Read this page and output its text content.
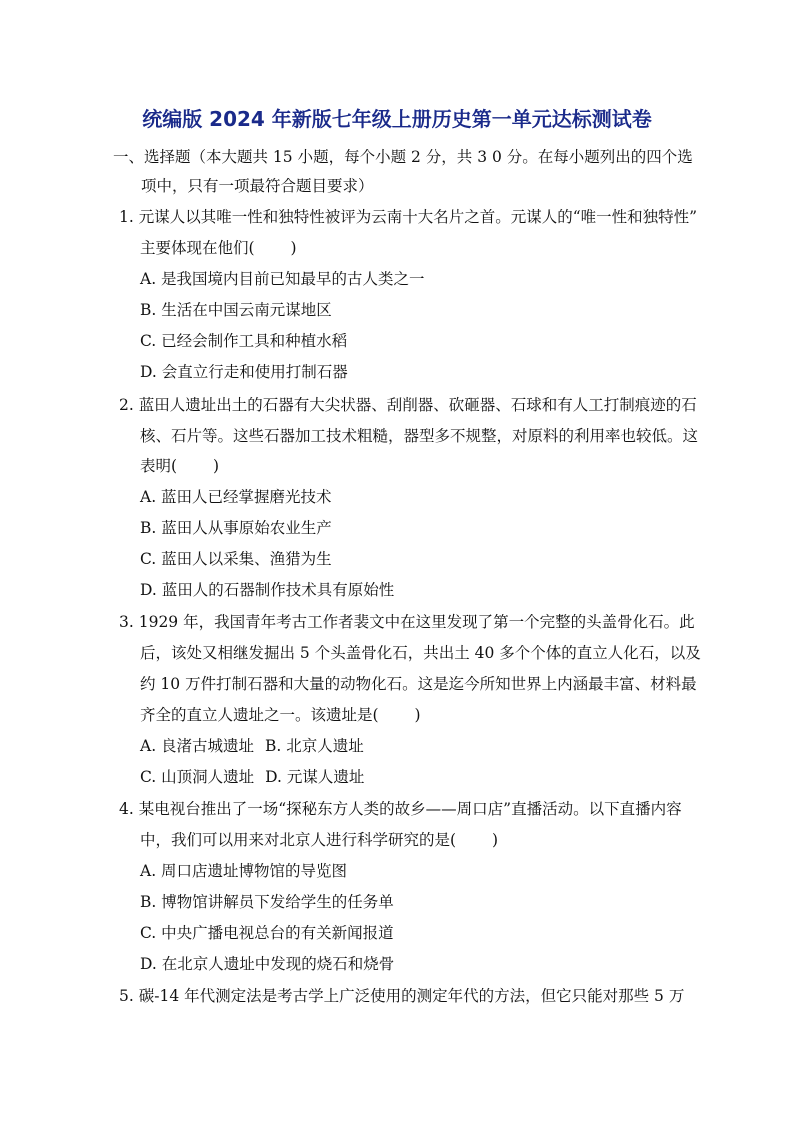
统编版 2024 年新版七年级上册历史第一单元达标测试卷
一、选择题（本大题共 15 小题，每个小题 2 分，共 3 0 分。在每小题列出的四个选
项中，只有一项最符合题目要求）
1. 元谋人以其唯一性和独特性被评为云南十大名片之首。元谋人的“唯一性和独特性”
主要体现在他们(　　 )
A. 是我国境内目前已知最早的古人类之一
B. 生活在中国云南元谋地区
C. 已经会制作工具和种植水稻
D. 会直立行走和使用打制石器
2. 蓝田人遗址出土的石器有大尖状器、刮削器、砍砸器、石球和有人工打制痕迹的石
核、石片等。这些石器加工技术粗糙，器型多不规整，对原料的利用率也较低。这
表明(　　 )
A. 蓝田人已经掌握磨光技术
B. 蓝田人从事原始农业生产
C. 蓝田人以采集、渔猎为生
D. 蓝田人的石器制作技术具有原始性
3. 1929 年，我国青年考古工作者裴文中在这里发现了第一个完整的头盖骨化石。此
后，该处又相继发掘出 5 个头盖骨化石，共出土 40 多个个体的直立人化石，以及
约 10 万件打制石器和大量的动物化石。这是迄今所知世界上内涵最丰富、材料最
齐全的直立人遗址之一。该遗址是(　　 )
A. 良渚古城遗址 B. 北京人遗址
C. 山顶洞人遗址 D. 元谋人遗址
4. 某电视台推出了一场“探秘东方人类的故乡——周口店”直播活动。以下直播内容
中，我们可以用来对北京人进行科学研究的是(　　 )
A. 周口店遗址博物馆的导览图
B. 博物馆讲解员下发给学生的任务单
C. 中央广播电视总台的有关新闻报道
D. 在北京人遗址中发现的烧石和烧骨
5. 碳-14 年代测定法是考古学上广泛使用的测定年代的方法，但它只能对那些 5 万
